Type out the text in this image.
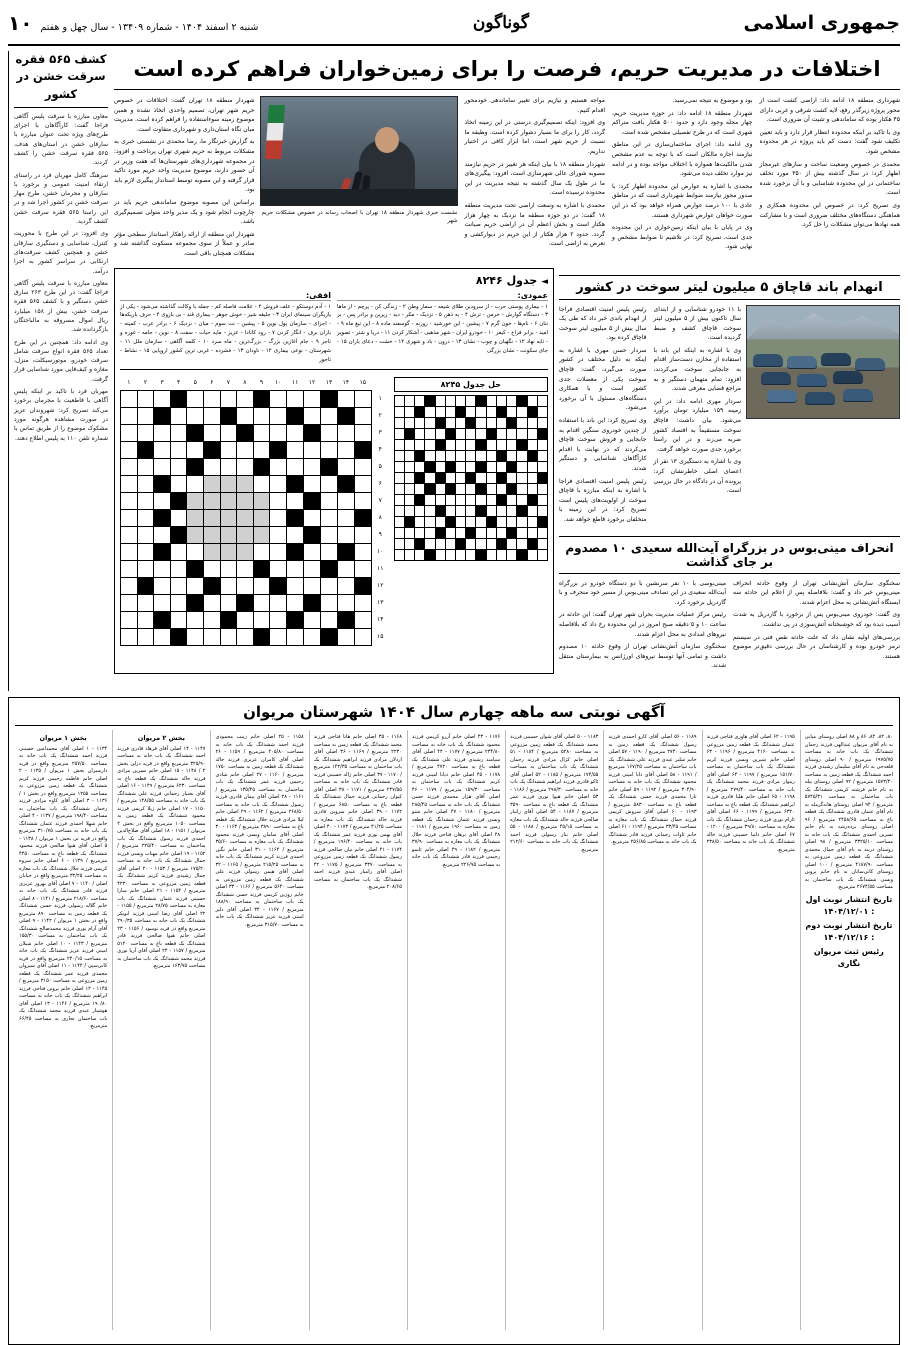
جمهوری اسلامی
گوناگون
شنبه ۲ اسفند ۱۴۰۴ - شماره ۱۳۴۰۹ - سال چهل و هفتم
۱۰
اختلافات در مدیریت حریم، فرصت را برای زمین‌خواران فراهم کرده است

شهرداری منطقه ۱۸ ادامه داد: اراضی کشت است از محور پروژه زیرگذر رفع، لایه کشت شرقی و غربی دارای ۴۵ هکتار بوده که ساماندهی و تثبیت آن ضروری است.

وی با تاکید بر اینکه محدوده انتظار قرار دارد و باید تعیین تکلیف شود گفت: دست کم باید پروژه در هر محدوده مشخص شود.

محمدی در خصوص وضعیت ساخت و سازهای غیرمجاز اظهار کرد: در سال گذشته بیش از ۳۵۰ مورد تخلف ساختمانی در این محدوده شناسایی و با آن برخورد شده است.

وی تصریح کرد: در خصوص این محدوده همکاری و هماهنگی دستگاه‌های مختلف ضروری است و با مشارکت همه نهادها می‌توان مشکلات را حل کرد.

بود و موضوع به نتیجه نمی‌رسید.

شهردار منطقه ۱۸ ادامه داد: در حوزه مدیریت حریم، چهار محله وجود دارد و حدود ۵۰۰ هکتار بافت متراکم شهری است که در طرح تفصیلی مشخص شده است.

وی ادامه داد: اجرای ساختمان‌سازی در این مناطق نیازمند اجازه مالکان است که با توجه به عدم مشخص شدن مالکیت‌ها همواره با اختلاف مواجه بوده و در ادامه نیز موارد تخلف دیده می‌شود.

محمدی با اشاره به عوارض این محدوده اظهار کرد: با صدور مجوز نیازمند ضوابط شهرداری است که در مناطق عادی با ۱۰۰ درصد عوارض همراه خواهد بود که در این صورت خواهان عوارض شهرداری هستند.

وی در پایان با بیان اینکه زمین‌خواری در این محدوده جدی است، تصریح کرد: در تلاشیم تا ضوابط مشخص و نهایی شود.

مواجه هستیم و نیازیم برای تغییر ساماندهی خودمحور اقدام کنیم.

وی افزود: اینکه تصمیم‌گیری درستی در این زمینه اتخاذ گردد، کار را برای ما بسیار دشوار کرده است. وظیفه ما نسبت از حریم شهر است، اما ابزار کافی در اختیار نداریم.

شهردار منطقه ۱۸ با بیان اینکه هر تغییر در حریم نیازمند مصوبه شورای عالی شهرسازی است، افزود: پیگیری‌های ما در طول یک سال گذشته به نتیجه مدیریت در این محدوده نرسیده است.

محمدی با اشاره به وسعت اراضی تحت مدیریت منطقه ۱۸ گفت: در دو حوزه منطقه ما نزدیک به چهار هزار هکتار است و بخش اعظم آن در اراضی حریم صیانت گردد. حدود ۲ هزار هکتار از این حریم در دیوارکشی و تعرض به اراضی است.

نشست خبری شهردار منطقه ۱۸ تهران با اصحاب رسانه در خصوص مشکلات حریم شهر

شهردار منطقه ۱۸ تهران گفت: اختلافات در خصوص حریم شهر تهران، تصمیم واحدی اتخاذ نشده و همین موضوع زمینه سوءاستفاده را فراهم کرده است. مدیریت میان نگاه استان‌داری و شهرداری متفاوت است.

به گزارش خبرنگار ما، رضا محمدی در نشستی خبری به مشکلات مربوط به حریم شهری تهران پرداخت و افزود: در مجموعه شهرداری‌های شهرستان‌ها که هفت وزیر در آن حضور دارند، موضوع مدیریت واحد حریم مورد تاکید قرار گرفته و این مصوبه توسط استاندار پیگیری لازم باید بود.

براساس این مصوبه موضوع ساماندهی حریم باید در چارچوب انجام شود و یک مدیر واحد متولی تصمیم‌گیری باشد.

شهردار این منطقه از ارائه راهکار استاندار سطحی مؤثر صادر و عملاً از سوی مجموعه مسکوت گذاشته شد و مشکلات همچنان باقی است.

انهدام باند قاچاق ۵ میلیون لیتر سوخت در کشور

با ۱۱ خودرو شناسایی و از ابتدای سال تاکنون بیش از ۵ میلیون لیتر سوخت قاچاق کشف و ضبط گردیده است.

وی با اشاره به اینکه این باند با استفاده از مخازن دست‌ساز اقدام به جابجایی سوخت می‌کردند، افزود: تمام متهمان دستگیر و به مراجع قضایی معرفی شدند.

سردار مهری ادامه داد: در این زمینه ۱۵۹ میلیارد تومان برآورد می‌شود. بیان داشت: قاچاق سوخت مستقیماً به اقتصاد کشور ضربه می‌زند و در این راستا برخورد جدی صورت خواهد گرفت.

وی با اشاره به دستگیری ۱۳ نفر از اعضای اصلی خاطرنشان کرد: پرونده آن در دادگاه در حال بررسی است.

رئیس پلیس امنیت اقتصادی فراجا از انهدام باندی خبر داد که طی یک سال بیش از ۵ میلیون لیتر سوخت قاچاق کرده بود.

سردار حسن مهری با اشاره به اینکه به دلیل مختلف در کشور صورت می‌گیرد، گفت: قاچاق سوخت یکی از معضلات جدی کشور است و با همکاری دستگاه‌های مسئول با آن برخورد می‌شود.

وی تصریح کرد: این باند با استفاده از چندین خودروی سنگین اقدام به جابجایی و فروش سوخت قاچاق می‌کردند که در نهایت با اقدام کارآگاهان شناسایی و دستگیر شدند.

رئیس پلیس امنیت اقتصادی فراجا با اشاره به اینکه مبارزه با قاچاق سوخت از اولویت‌های پلیس است تصریح کرد: در این زمینه با متخلفان برخورد قاطع خواهد شد.

انحراف مینی‌بوس در بزرگراه آیت‌الله سعیدی ۱۰ مصدوم بر جای گذاشت

سخنگوی سازمان آتش‌نشانی تهران از وقوع حادثه انحراف مینی‌بوس خبر داد و گفت: بلافاصله پس از اعلام این حادثه سه ایستگاه آتش‌نشانی به محل اعزام شدند.

وی گفت: خودروی مینی‌بوس پس از برخورد با گاردریل به شدت آسیب دیده بود که خوشبختانه آتش‌سوزی در پی نداشت.

بررسی‌های اولیه نشان داد که علت حادثه نقص فنی در سیستم ترمز خودرو بوده و کارشناسان در حال بررسی دقیق‌تر موضوع هستند.

مینی‌بوسی با ۱۰ نفر سرنشین با دو دستگاه خودرو در بزرگراه آیت‌الله سعیدی در این تصادف مینی‌بوس از مسیر خود منحرف و با گاردریل برخورد کرد.

رئیس مرکز عملیات مدیریت بحران شهر تهران گفت: این حادثه در ساعت ۱۰ و ۵ دقیقه صبح امروز در این محدوده رخ داد که بلافاصله نیروهای امدادی به محل اعزام شدند.

سخنگوی سازمان آتش‌نشانی تهران از وقوع حادثه ۱۰ مصدوم داشت و تمامی آنها توسط نیروهای اورژانس به بیمارستان منتقل شدند.

◄ جدول ۸۲۴۶
عمودی:

۱ - بیماری پوستی حرب - از سرودین طلای شیعه - سمار وطن ۲ - زندگی کن - پرچم - از ماها ۳ - دستگاه گوارش - خرمن - ترش ۴ - به ذهن ۵ - نزدیک - مکر - دید - زیرین و برادر پس - بر تنان ۶ - نام‌ها - خون گرم ۷ - پیشین - این خورشید - روزنه - گوسفند ماده ۸ - این تیغ ماه ۹ - امید - برابر فراخ - کیفر ۱۰ - خودرو ایران - شهر مذهبی - آشکار کردن ۱۱ - دریا و شتر - تصویر - تابه نهاد ۱۲ - نگهبان و چوب - نشان ۱۳ - درون - باد و شهری ۱۴ - خشت - دعای باران ۱۵ - جای سکونت - نشان بزرگی

افقی:

۱ - آدم دوستکو - علف فروش ۲ - علامت فاصله کم - جمله با وکالت گذاشته می‌شود - یکی از یاریگران سینمای ایران ۳ - جلیقه شیر - خوش جوهر - بیماری قند - بی بازوی ۴ - حرف باریکه‌ها - اجزای - سازمان پول نوین ۵ - پیشین - نت سوم - میان - نزدیک ۶ - برادر عرب - کمیته - باران برف - انگار کردن ۷ - رود کانادا - عزیز - مایه حیات - سفت ۸ - نوین - جامه - غوره و تاجر ۹ - جام آغازین بزرگ - بزرگ‌ترین - ماه سرد ۱۰ - کلمه آگاهی - سازمان ملل ۱۱ - شهرستان - نوعی بیماری ۱۲ - ناودان ۱۳ - فشرده - غربی ترین کشور اروپایی ۱۵ - نشاط - تاجور

حل جدول ۸۲۴۵

	۱۵	۱۴	۱۳	۱۲	۱۱	۱۰	۹	۸	۷	۶	۵	۴	۳	۲	۱
۱															
۲															
۳															
۴															
۵															
۶															
۷															
۸															
۹															
۱۰															
۱۱															
۱۲															
۱۳															
۱۴															
۱۵															
کشف ۵۶۵ فقره سرقت خشن در کشور

معاون مبارزه با سرقت پلیس آگاهی فراجا گفت: کارآگاهان با اجرای طرح‌های ویژه تحت عنوان مبارزه با سارقان خشن در استان‌های هدف، ۵۶۵ فقره سرقت خشن را کشف کردند.

سرهنگ کامل مهربان فرد در راستای ارتقاء امنیت عمومی و برخورد با سارقان و مجرمان خشن، طرح مهار سرقت خشن در کشور اجرا شد و در این راستا ۵۶۵ فقره سرقت خشن کشف گردید.

وی افزود: در این طرح با محوریت کنترل، شناسایی و دستگیری سارقان خشن و همچنین کشف سرقت‌های ارتکابی در سراسر کشور به اجرا درآمد.

معاون مبارزه با سرقت پلیس آگاهی فراجا گفت: در این طرح ۲۶۳ سارق خشن دستگیر و با کشف ۵۶۵ فقره سرقت خشن، بیش از ۱۵۸ میلیارد ریال اموال مسروقه به مالباختگان بازگردانده شد.

وی ادامه داد: همچنین در این طرح تعداد ۵۶۵ فقره انواع سرقت شامل سرقت خودرو، موتورسیکلت، منزل، مغازه و کیف‌قاپی مورد شناسایی قرار گرفت.

مهربان فرد با تاکید بر اینکه پلیس آگاهی با قاطعیت با مجرمان برخورد می‌کند تصریح کرد: شهروندان عزیز در صورت مشاهده هرگونه مورد مشکوک موضوع را از طریق تماس با شماره تلفن ۱۱۰ به پلیس اطلاع دهند.

آگهی نوبتی سه ماهه چهارم سال ۱۴۰۴ شهرستان مریوان

۸۰، ۸۲، ۸۴، ۸۶ و ۸۸ اصلی روستای میانی به نام آقای مریوان عبدالهی فرزند رحمان ششدانگ یک باب خانه به مساحت ۱۹۷۵/۷۵ مترمربع / ۹۰ اصلی روستای قلعه‌جی به نام آقای سلیمان رشیدی فرزند احمد ششدانگ یک قطعه زمین به مساحت ۱۵۷۳/۴۰ مترمربع / ۹۲ اصلی روستای بیله به نام خانم فرشته کریمی ششدانگ یک باب ساختمان به مساحت ۵۷۴۵/۳۱ مترمربع / ۹۴ اصلی روستای هانه‌گرمله به نام آقای عثمان قادری ششدانگ یک قطعه باغ به مساحت ۲۴۵۸/۶۵ مترمربع / ۹۶ اصلی روستای برده‌رشه به نام خانم نسرین احمدی ششدانگ یک باب خانه به مساحت ۳۳۲۵/۱۰ مترمربع / ۹۸ اصلی روستای دربند به نام آقای جمال محمدی ششدانگ یک قطعه زمین مزروعی به مساحت ۴۱۸۷/۹۰ مترمربع / ۱۰۰ اصلی روستای کانی‌سانان به نام خانم پروین ویسی ششدانگ یک باب ساختمان به مساحت ۲۶۷۴/۵۵ مترمربع.

تاریخ انتشار نوبت اول : ۱۴۰۴/۱۲/۰۱

تاریخ انتشار نوبت دوم : ۱۴۰۴/۱۲/۱۶

رئیس ثبت مریوان نگاری

۱۱۹۵ - ۶۲ اصلی آقای هاوری فتاحی فرزند عثمان ششدانگ یک قطعه زمین مزروعی به مساحت ۴۱۶۰ مترمربع / ۱۱۹۶ - ۶۳ اصلی خانم شیرین ویسی فرزند کریم ششدانگ یک باب ساختمان به مساحت ۱۵۱/۷۰ مترمربع / ۱۱۹۷ - ۶۴ اصلی آقای ریبوار مرادی فرزند محمد ششدانگ یک باب خانه به مساحت ۲۷۹/۴۰ مترمربع / ۱۱۹۸ - ۶۵ اصلی خانم هلیا قادری فرزند ابراهیم ششدانگ یک قطعه باغ به مساحت ۶۳۲۰ مترمربع / ۱۱۹۹ - ۶۶ اصلی آقای ئارام نوری فرزند رحمان ششدانگ یک باب مغازه به مساحت ۳۹/۸۰ مترمربع / ۱۲۰۰ - ۶۷ اصلی خانم دلنیا حسینی فرزند خالد ششدانگ یک باب خانه به مساحت ۲۳۸/۵۰ مترمربع.

۱۱۸۹ - ۵۶ اصلی آقای کارو احمدی فرزند رسول ششدانگ یک قطعه زمین به مساحت ۲۷۴۰ مترمربع / ۱۱۹۰ - ۵۷ اصلی خانم شلیر عبدی فرزند علی ششدانگ یک باب ساختمان به مساحت ۱۶۷/۲۵ مترمربع / ۱۱۹۱ - ۵۸ اصلی آقای دانا امینی فرزند محمود ششدانگ یک باب خانه به مساحت ۳۰۴/۹۰ مترمربع / ۱۱۹۲ - ۵۹ اصلی خانم تارا محمدی فرزند حسن ششدانگ یک قطعه باغ به مساحت ۵۸۳۰ مترمربع / ۱۱۹۳ - ۶۰ اصلی آقای سروش کریمی فرزند جمال ششدانگ یک باب مغازه به مساحت ۳۳/۴۵ مترمربع / ۱۱۹۴ - ۶۱ اصلی خانم ئاوات رحمانی فرزند قادر ششدانگ یک باب خانه به مساحت ۲۵۶/۸۵ مترمربع.

۱۱۸۳ - ۵۰ اصلی آقای شوان حسینی فرزند محمد ششدانگ یک قطعه زمین مزروعی به مساحت ۵۲۸۰ مترمربع / ۱۱۸۴ - ۵۱ اصلی خانم کژال مرادی فرزند رحمان ششدانگ یک باب ساختمان به مساحت ۱۷۴/۵۵ مترمربع / ۱۱۸۵ - ۵۲ اصلی آقای ئاکو قادری فرزند ابراهیم ششدانگ یک باب خانه به مساحت ۲۹۸/۳۰ مترمربع / ۱۱۸۶ - ۵۳ اصلی خانم هیوا نوری فرزند عمر ششدانگ یک قطعه باغ به مساحت ۳۵۹۰ مترمربع / ۱۱۸۷ - ۵۴ اصلی آقای زانیار صالحی فرزند خالد ششدانگ یک باب مغازه به مساحت ۴۵/۱۵ مترمربع / ۱۱۸۸ - ۵۵ اصلی خانم بناز رسولی فرزند احمد ششدانگ یک باب خانه به مساحت ۲۱۲/۶۰ مترمربع.

۱۱۷۶ - ۴۳ اصلی خانم آرزو کریمی فرزند محمود ششدانگ یک باب خانه به مساحت ۲۳۴/۸۰ مترمربع / ۱۱۷۷ - ۴۴ اصلی آقای سیامند رشیدی فرزند علی ششدانگ یک قطعه باغ به مساحت ۴۷۲۰ مترمربع / ۱۱۷۸ - ۴۵ اصلی خانم دیانا امینی فرزند کریم ششدانگ یک باب ساختمان به مساحت ۱۵۹/۳۰ مترمربع / ۱۱۷۹ - ۴۶ اصلی آقای هژار محمدی فرزند حسن ششدانگ یک باب خانه به مساحت ۲۸۵/۴۵ مترمربع / ۱۱۸۰ - ۴۷ اصلی خانم شنو ویسی فرزند عثمان ششدانگ یک قطعه زمین به مساحت ۱۹۶۰ مترمربع / ۱۱۸۱ - ۴۸ اصلی آقای برهان فتاحی فرزند جلال ششدانگ یک باب مغازه به مساحت ۳۷/۹۰ مترمربع / ۱۱۸۲ - ۴۹ اصلی خانم ئاسو رحیمی فرزند قادر ششدانگ یک باب خانه به مساحت ۲۲۶/۷۵ مترمربع.

۱۱۶۸ - ۳۵ اصلی خانم هانا فتاحی فرزند محمد ششدانگ یک قطعه زمین به مساحت ۲۲۳۰ مترمربع / ۱۱۶۹ - ۳۶ اصلی آقای اردلان مرادی فرزند ابراهیم ششدانگ یک باب ساختمان به مساحت ۱۴۲/۳۵ مترمربع / ۱۱۷۰ - ۳۷ اصلی خانم ژاله حسینی فرزند قادر ششدانگ یک باب خانه به مساحت ۲۴۷/۵۵ مترمربع / ۱۱۷۱ - ۳۸ اصلی آقای کیوان رحمانی فرزند جمال ششدانگ یک قطعه باغ به مساحت ۶۸۵۰ مترمربع / ۱۱۷۲ - ۳۹ اصلی خانم سروین قادری فرزند خالد ششدانگ یک باب مغازه به مساحت ۴۱/۲۵ مترمربع / ۱۱۷۳ - ۴۰ اصلی آقای بهمن نوری فرزند عمر ششدانگ یک باب خانه به مساحت ۱۹۶/۴۰ مترمربع / ۱۱۷۴ - ۴۱ اصلی خانم نیان صالحی فرزند رسول ششدانگ یک قطعه زمین مزروعی به مساحت ۳۳۷۰ مترمربع / ۱۱۷۵ - ۴۲ اصلی آقای رامیار عبدی فرزند احمد ششدانگ یک باب ساختمان به مساحت ۲۰۸/۶۵ مترمربع.

۱۱۵۸ - ۲۵ اصلی خانم زینب محمودی فرزند احمد ششدانگ یک باب خانه به مساحت ۲۰۵/۸۰ مترمربع / ۱۱۵۹ - ۲۶ اصلی آقای کامران عزیزی فرزند خالد ششدانگ یک قطعه زمین به مساحت ۱۷۵۰ مترمربع / ۱۱۶۰ - ۲۷ اصلی خانم شادی رحیمی فرزند عمر ششدانگ یک باب ساختمان به مساحت ۱۳۵/۴۵ مترمربع / ۱۱۶۱ - ۲۸ اصلی آقای پیمان قادری فرزند رسول ششدانگ یک باب خانه به مساحت ۲۶۸/۵۰ مترمربع / ۱۱۶۲ - ۲۹ اصلی خانم لیلا مرادی فرزند جلال ششدانگ یک قطعه باغ به مساحت ۳۸۹۰ مترمربع / ۱۱۶۳ - ۳۰ اصلی آقای سامان ویسی فرزند محمود ششدانگ یک باب مغازه به مساحت ۳۵/۶۰ مترمربع / ۱۱۶۴ - ۳۱ اصلی خانم نگین احمدی فرزند کریم ششدانگ یک باب خانه به مساحت ۲۱۵/۲۵ مترمربع / ۱۱۶۵ - ۳۲ اصلی آقای هیمن رسولی فرزند علی ششدانگ یک قطعه زمین مزروعی به مساحت ۵۶۴۰ مترمربع / ۱۱۶۶ - ۳۳ اصلی خانم روژین کریمی فرزند حسن ششدانگ یک باب ساختمان به مساحت ۱۸۸/۹۰ مترمربع / ۱۱۶۷ - ۳۴ اصلی آقای دلیر امینی فرزند عزیز ششدانگ یک باب خانه به مساحت ۳۱۵/۷۰ مترمربع.

بخش ۲ مریوان

۱۱۴۷ - ۱۴ اصلی آقای فرهاد قادری فرزند احمد ششدانگ یک باب خانه به مساحت ۳۲۵/۹۰ مترمربع واقع در قریه دزلی بخش ۲ / ۱۱۴۸ - ۱۵ اصلی خانم نسرین مرادی فرزند خالد ششدانگ یک قطعه باغ به مساحت ۶۲۳۰ مترمربع / ۱۱۴۹ - ۱۶ اصلی آقای بختیار رحمانی فرزند علی ششدانگ یک باب خانه به مساحت ۱۴۸/۵۵ مترمربع / ۱۱۵۰ - ۱۷ اصلی خانم ژیلا کریمی فرزند محمود ششدانگ یک قطعه زمین به مساحت ۱۰۵۰ مترمربع واقع در بخش ۲ مریوان / ۱۱۵۱ - ۱۸ اصلی آقای صلاح‌الدین احمدی فرزند رسول ششدانگ یک باب ساختمان به مساحت ۲۲۵/۴۰ مترمربع / ۱۱۵۲ - ۱۹ اصلی خانم مهتاب ویسی فرزند جمال ششدانگ یک باب خانه به مساحت ۱۷۵/۲۰ مترمربع / ۱۱۵۳ - ۲۰ اصلی آقای جمال رشیدی فرزند کریم ششدانگ یک قطعه زمین مزروعی به مساحت ۴۲۳۰ مترمربع / ۱۱۵۴ - ۲۱ اصلی خانم سارا حسینی فرزند عثمان ششدانگ یک باب مغازه به مساحت ۲۸/۷۵ مترمربع / ۱۱۵۵ - ۲۲ اصلی آقای رضا امینی فرزند ابوبکر ششدانگ یک باب خانه به مساحت ۲۹۰/۳۵ مترمربع واقع در قریه نوسود / ۱۱۵۶ - ۲۳ اصلی خانم هیوا صالحی فرزند قادر ششدانگ یک قطعه باغ به مساحت ۵۱۲۰ مترمربع / ۱۱۵۷ - ۲۴ اصلی آقای آریا نوری فرزند محمد ششدانگ یک باب ساختمان به مساحت ۱۶۳/۷۵ مترمربع.

بخش ۱ مریوان

۱۱۳۴ - ۱ اصلی آقای محمدامین حسینی فرزند احمد ششدانگ یک باب خانه به مساحت ۲۵۷/۵۰ مترمربع واقع در قریه دارسیران بخش ۱ مریوان / ۱۱۳۵ - ۲ اصلی خانم فاطمه رحیمی فرزند کریم ششدانگ یک قطعه زمین مزروعی به مساحت ۱۲۵۵ مترمربع واقع در بخش ۱ / ۱۱۳۶ - ۳ اصلی آقای کاوه مرادی فرزند رحمان ششدانگ یک باب ساختمان به مساحت ۱۹۸/۴۰ مترمربع / ۱۱۳۷ - ۴ اصلی خانم شهلا احمدی فرزند عثمان ششدانگ یک باب خانه به مساحت ۳۱۰/۷۵ مترمربع واقع در قریه نی بخش ۱ مریوان / ۱۱۳۸ - ۵ اصلی آقای هیوا صالحی فرزند محمود ششدانگ یک قطعه باغ به مساحت ۴۴۵۰ مترمربع / ۱۱۳۹ - ۶ اصلی خانم سروه کریمی فرزند جلال ششدانگ یک باب مغازه به مساحت ۳۲/۲۵ مترمربع واقع در خیابان اصلی / ۱۱۴۰ - ۷ اصلی آقای بهروز عزیزی فرزند قادر ششدانگ یک باب خانه به مساحت ۲۱۸/۶۰ مترمربع / ۱۱۴۱ - ۸ اصلی خانم گلاله رسولی فرزند حسن ششدانگ یک قطعه زمین به مساحت ۸۹۰ مترمربع واقع در بخش ۱ مریوان / ۱۱۴۲ - ۹ اصلی آقای آرام نوری فرزند محمدصالح ششدانگ یک باب ساختمان به مساحت ۱۵۵/۳۰ مترمربع / ۱۱۴۳ - ۱۰ اصلی خانم شیلان امینی فرزند عزیز ششدانگ یک باب خانه به مساحت ۲۴۰/۱۵ مترمربع واقع در قریه کانی‌سپی / ۱۱۴۴ - ۱۱ اصلی آقای سیروان محمدی فرزند عمر ششدانگ یک قطعه زمین مزروعی به مساحت ۳۱۵۰ مترمربع / ۱۱۴۵ - ۱۲ اصلی خانم پروین فتاحی فرزند ابراهیم ششدانگ یک باب خانه به مساحت ۱۹۰/۸۰ مترمربع / ۱۱۴۶ - ۱۳ اصلی آقای هوشیار عبدی فرزند محمد ششدانگ یک باب ساختمان تجاری به مساحت ۶۶/۴۵ مترمربع.
